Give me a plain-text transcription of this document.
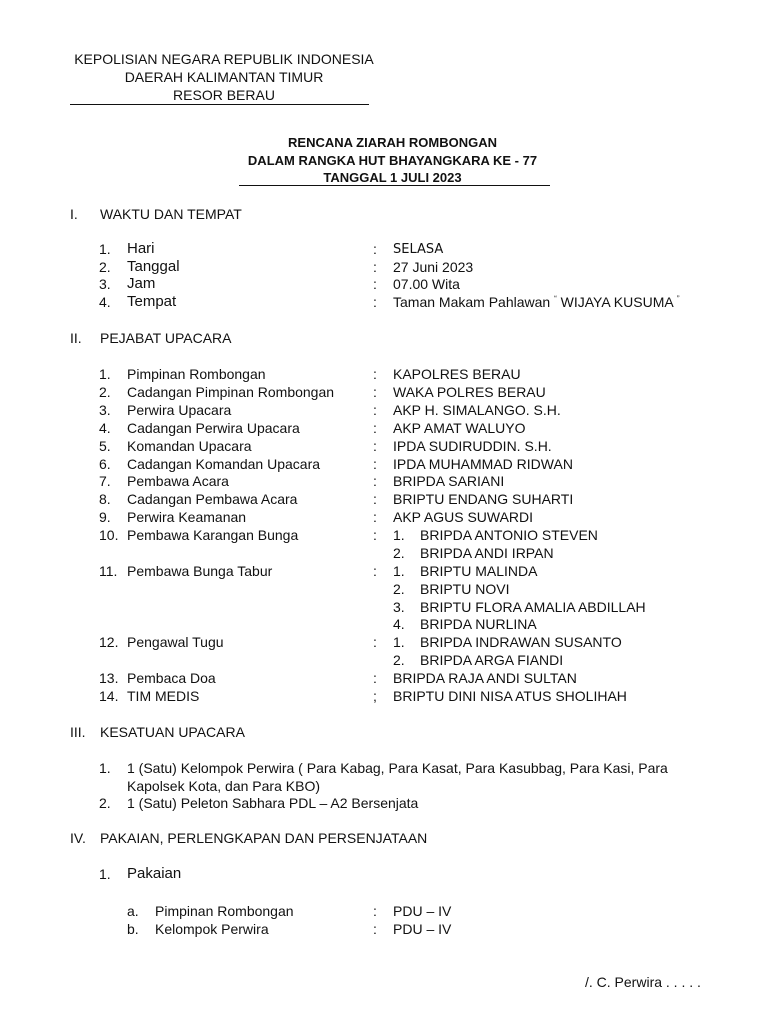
KEPOLISIAN NEGARA REPUBLIK INDONESIA
DAERAH KALIMANTAN TIMUR
RESOR BERAU
RENCANA ZIARAH ROMBONGAN
DALAM RANGKA HUT BHAYANGKARA KE - 77
TANGGAL 1 JULI 2023
I. WAKTU DAN TEMPAT
1. Hari	: SELASA
2. Tanggal	: 27 Juni 2023
3. Jam	: 07.00 Wita
4. Tempat	: Taman Makam Pahlawan “ WIJAYA KUSUMA ”
II. PEJABAT UPACARA
1. Pimpinan Rombongan	: KAPOLRES BERAU
2. Cadangan Pimpinan Rombongan	: WAKA POLRES BERAU
3. Perwira Upacara	: AKP H. SIMALANGO. S.H.
4. Cadangan Perwira Upacara	: AKP AMAT WALUYO
5. Komandan Upacara	: IPDA SUDIRUDDIN. S.H.
6. Cadangan Komandan Upacara	: IPDA MUHAMMAD RIDWAN
7. Pembawa Acara	: BRIPDA SARIANI
8. Cadangan Pembawa Acara	: BRIPTU ENDANG SUHARTI
9. Perwira Keamanan	: AKP AGUS SUWARDI
10. Pembawa Karangan Bunga	: 1. BRIPDA ANTONIO STEVEN
2. BRIPDA ANDI IRPAN
11. Pembawa Bunga Tabur	: 1. BRIPTU MALINDA
2. BRIPTU NOVI
3. BRIPTU FLORA AMALIA ABDILLAH
4. BRIPDA NURLINA
12. Pengawal Tugu	: 1. BRIPDA INDRAWAN SUSANTO
2. BRIPDA ARGA FIANDI
13. Pembaca Doa	: BRIPDA RAJA ANDI SULTAN
14. TIM MEDIS	; BRIPTU DINI NISA ATUS SHOLIHAH
III. KESATUAN UPACARA
1. 1 (Satu) Kelompok Perwira ( Para Kabag, Para Kasat, Para Kasubbag, Para Kasi, Para
Kapolsek Kota, dan Para KBO)
2. 1 (Satu) Peleton Sabhara PDL – A2 Bersenjata
IV. PAKAIAN, PERLENGKAPAN DAN PERSENJATAAN
1. Pakaian
a. Pimpinan Rombongan	: PDU – IV
b. Kelompok Perwira	: PDU – IV
/. C. Perwira . . . . .
